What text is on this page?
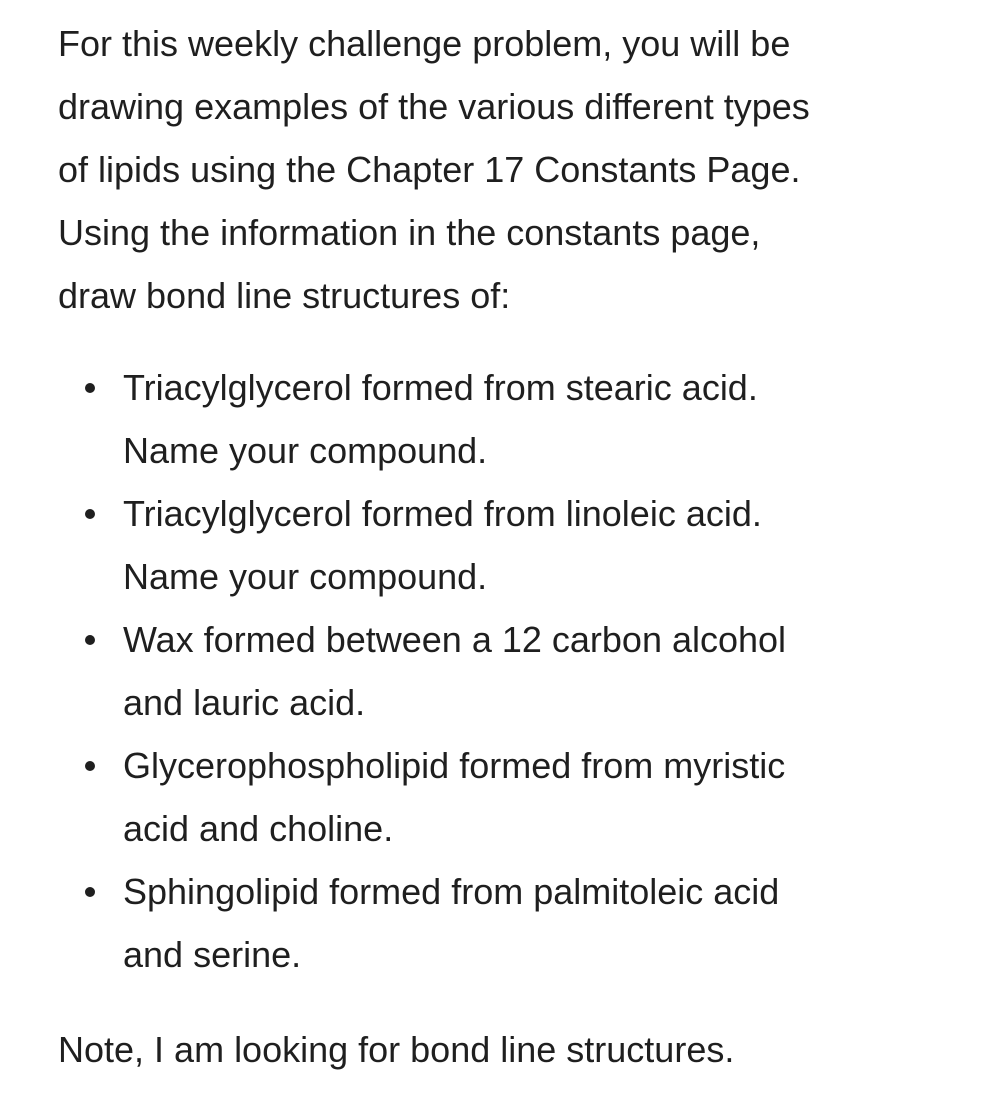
For this weekly challenge problem, you will be
drawing examples of the various different types
of lipids using the Chapter 17 Constants Page.
Using the information in the constants page,
draw bond line structures of:
Triacylglycerol formed from stearic acid.
Name your compound.
Triacylglycerol formed from linoleic acid.
Name your compound.
Wax formed between a 12 carbon alcohol
and lauric acid.
Glycerophospholipid formed from myristic
acid and choline.
Sphingolipid formed from palmitoleic acid
and serine.
Note, I am looking for bond line structures.
